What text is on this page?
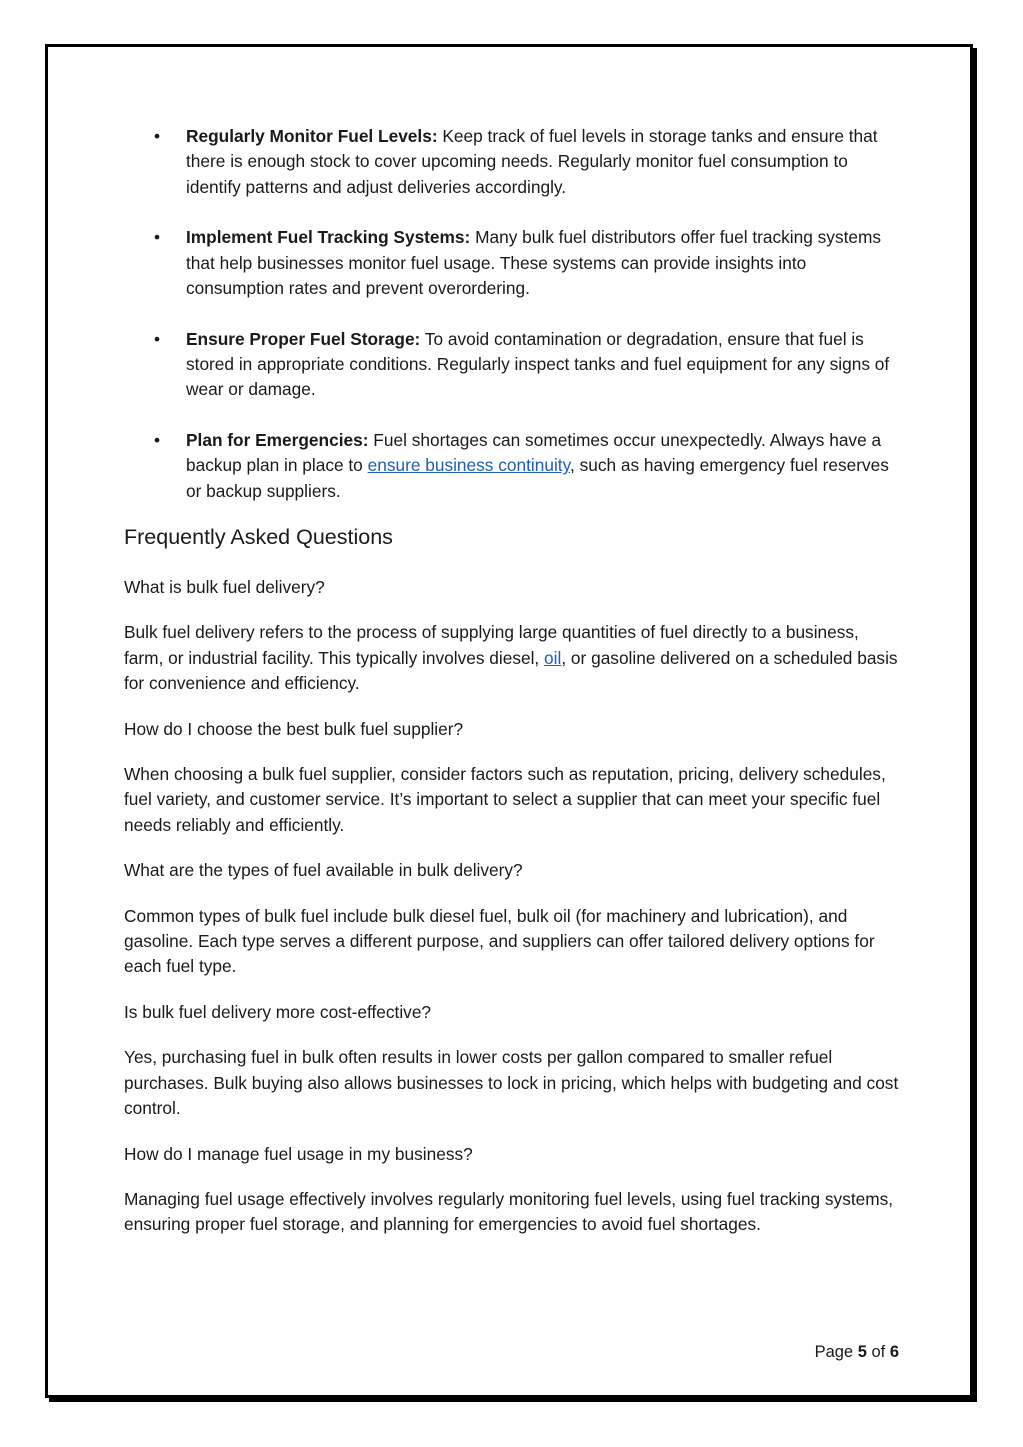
• Regularly Monitor Fuel Levels: Keep track of fuel levels in storage tanks and ensure that there is enough stock to cover upcoming needs. Regularly monitor fuel consumption to identify patterns and adjust deliveries accordingly.
• Implement Fuel Tracking Systems: Many bulk fuel distributors offer fuel tracking systems that help businesses monitor fuel usage. These systems can provide insights into consumption rates and prevent overordering.
• Ensure Proper Fuel Storage: To avoid contamination or degradation, ensure that fuel is stored in appropriate conditions. Regularly inspect tanks and fuel equipment for any signs of wear or damage.
• Plan for Emergencies: Fuel shortages can sometimes occur unexpectedly. Always have a backup plan in place to ensure business continuity, such as having emergency fuel reserves or backup suppliers.
Frequently Asked Questions

What is bulk fuel delivery?

Bulk fuel delivery refers to the process of supplying large quantities of fuel directly to a business, farm, or industrial facility. This typically involves diesel, oil, or gasoline delivered on a scheduled basis for convenience and efficiency.

How do I choose the best bulk fuel supplier?

When choosing a bulk fuel supplier, consider factors such as reputation, pricing, delivery schedules, fuel variety, and customer service. It’s important to select a supplier that can meet your specific fuel needs reliably and efficiently.

What are the types of fuel available in bulk delivery?

Common types of bulk fuel include bulk diesel fuel, bulk oil (for machinery and lubrication), and gasoline. Each type serves a different purpose, and suppliers can offer tailored delivery options for each fuel type.

Is bulk fuel delivery more cost-effective?

Yes, purchasing fuel in bulk often results in lower costs per gallon compared to smaller refuel purchases. Bulk buying also allows businesses to lock in pricing, which helps with budgeting and cost control.

How do I manage fuel usage in my business?

Managing fuel usage effectively involves regularly monitoring fuel levels, using fuel tracking systems, ensuring proper fuel storage, and planning for emergencies to avoid fuel shortages.

Page 5 of 6
